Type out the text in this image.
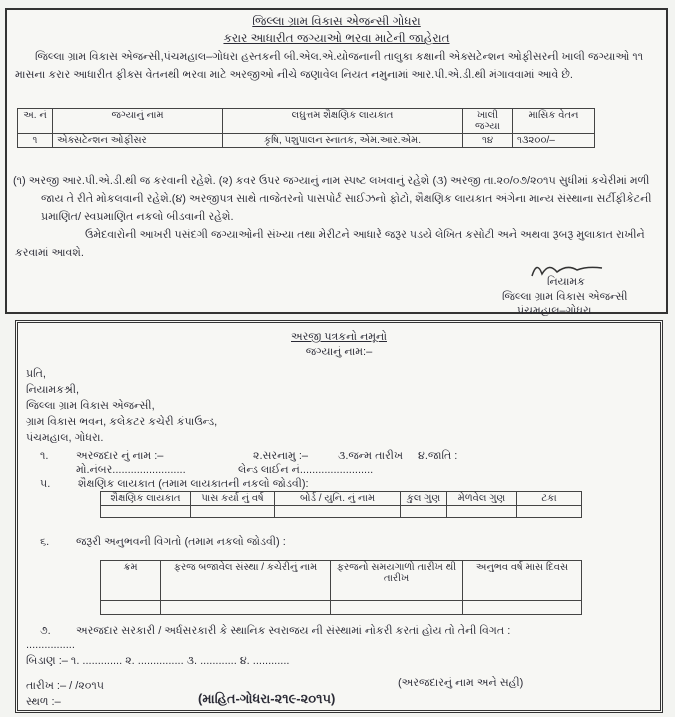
જિલ્લા ગ્રામ વિકાસ એજન્સી ગોધરા
કરાર આધારીત જગ્યાઓ ભરવા માટેની જાહેરાત
જિલ્લા ગ્રામ વિકાસ એજન્સી,પંચમહાલ–ગોધરા હસ્તકની બી.એલ.એ.યોજનાની તાલુકા કક્ષાની એક્સટેન્શન ઓફીસરની ખાલી જગ્યાઓ ૧૧ માસના કરાર આધારીત ફીક્સ વેતનથી ભરવા માટે અરજીઓ નીચે જણાવેલ નિયત નમુનામાં આર.પી.એ.ડી.થી મંગાવવામાં આવે છે.
અ. નં	જગ્યાનું નામ	લઘુત્તમ શૈક્ષણિક લાયકાત	ખાલી જગ્યા	માસિક વેતન
૧	એક્સટેન્શન ઓફીસર	કૃષિ, પશુપાલન સ્નાતક, એમ.આર.એમ.	૧૪	૧૩૨૦૦/–
(૧) અરજી આર.પી.એ.ડી.થી જ કરવાની રહેશે. (૨) કવર ઉપર જગ્યાનું નામ સ્પષ્ટ લખવાનું રહેશે (૩) અરજી તા.૨૦/૦૭/૨૦૧૫ સુધીમાં કચેરીમાં મળી જાય તે રીતે મોકલવાની રહેશે.(૪) અરજીપત્ર સાથે તાજેતરનો પાસપોર્ટ સાઈઝનો ફોટો, શૈક્ષણિક લાયકાત અંગેના માન્ય સંસ્થાના સર્ટીફીકેટની પ્રમાણિત/ સ્વપ્રમાણિત નકલો બીડવાની રહેશે.
ઉમેદવારોની આખરી પસંદગી જગ્યાઓની સંખ્યા તથા મેરીટને આધારે જરૂર પડયે લેખિત કસોટી અને અથવા રૂબરૂ મુલાકાત રાખીને કરવામાં આવશે.
નિયામક
જિલ્લા ગ્રામ વિકાસ એજન્સી
પંચમહાલ–ગોધરા
અરજી પત્રકનો નમૂનો
જગ્યાનું નામ:–
પ્રતિ,
નિયામકશ્રી,
જિલ્લા ગ્રામ વિકાસ એજન્સી,
ગ્રામ વિકાસ ભવન, કલેકટર કચેરી કંપાઉન્ડ,
પંચમહાલ, ગોધરા.
૧.	અરજદાર નું નામ :–	૨.સરનામુ :–	૩.જન્મ તારીખ ૪.જાતિ :
મો.નંબર........................	લેન્ડ લાઈન નં........................
૫.	શૈક્ષણિક લાયકાત (તમામ લાયકાતની નકલો જોડવી):
શૈક્ષણિક લાયકાત	પાસ કર્યા નું વર્ષ	બોર્ડ / યુનિ. નું નામ	કુલ ગુણ	મેળવેલ ગુણ	ટકા

૬. જરૂરી અનુભવની વિગતો (તમામ નકલો જોડવી) :
ક્રમ	ફરજ બજાવેલ સંસ્થા / કચેરીનું નામ	ફરજનો સમયગાળો તારીખ થી તારીખ	અનુભવ વર્ષ માસ દિવસ

૭. અરજદાર સરકારી / અર્ધસરકારી કે સ્થાનિક સ્વરાજય ની સંસ્થામાં નોકરી કરતાં હોય તો તેની વિગત :
................
બિડાણ :– ૧. ............. ૨. ............... ૩. ............ ૪. ............
તારીખ :– / /૨૦૧૫
સ્થળ :–
(અરજદારનું નામ અને સહી)
(માહિત-ગોધરા-૨૧૯-૨૦૧૫)
